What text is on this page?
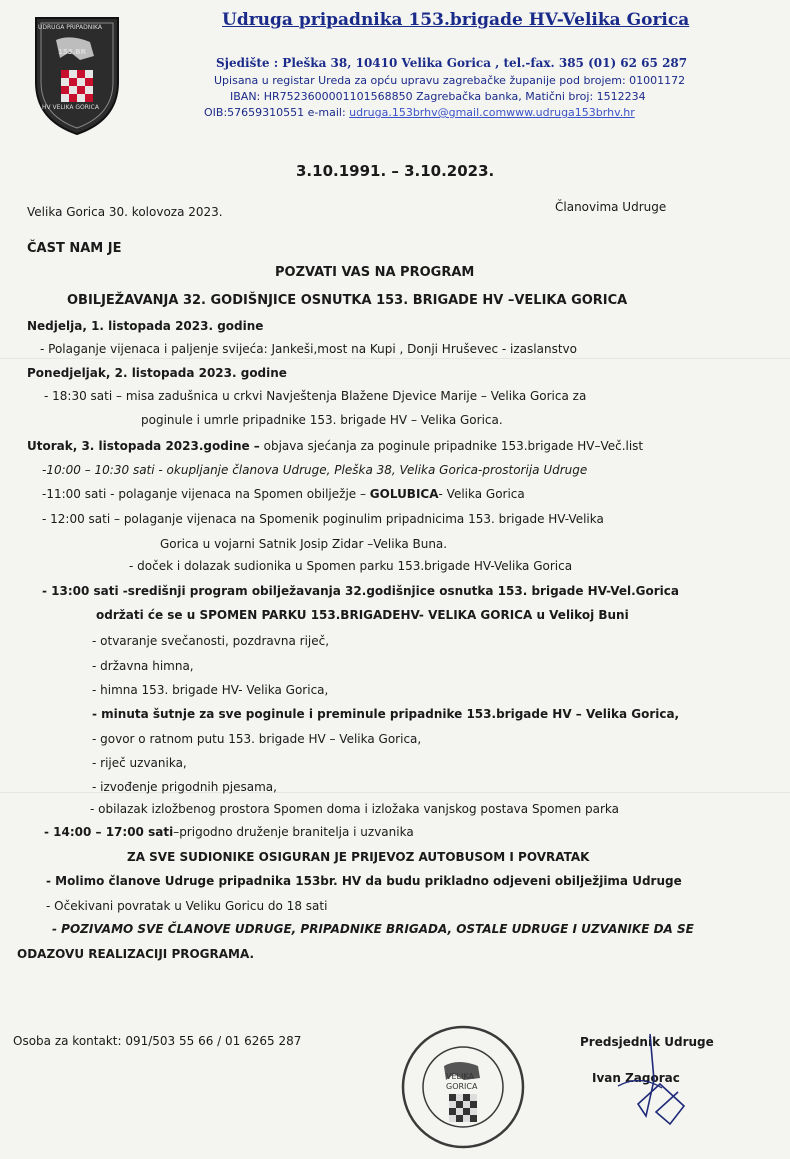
UDRUGA PRIPADNIKA
153.BR
HV VELIKA GORICA
Udruga pripadnika 153.brigade HV-Velika Gorica
Sjedište : Pleška 38, 10410 Velika Gorica , tel.-fax. 385 (01) 62 65 287
Upisana u registar Ureda za opću upravu zagrebačke županije pod brojem: 01001172
IBAN: HR7523600001101568850 Zagrebačka banka, Matični broj: 1512234
OIB:57659310551 e-mail: udruga.153brhv@gmail.comwww.udruga153brhv.hr
3.10.1991. – 3.10.2023.
Velika Gorica 30. kolovoza 2023.	Članovima Udruge
ČAST NAM JE
POZVATI VAS NA PROGRAM
OBILJEŽAVANJA 32. GODIŠNJICE OSNUTKA 153. BRIGADE HV –VELIKA GORICA
Nedjelja, 1. listopada 2023. godine
- Polaganje vijenaca i paljenje svijeća: Jankeši,most na Kupi , Donji Hruševec - izaslanstvo
Ponedjeljak, 2. listopada 2023. godine
- 18:30 sati – misa zadušnica u crkvi Navještenja Blažene Djevice Marije – Velika Gorica za
poginule i umrle pripadnike 153. brigade HV – Velika Gorica.
Utorak, 3. listopada 2023.godine – objava sjećanja za poginule pripadnike 153.brigade HV–Več.list
-10:00 – 10:30 sati - okupljanje članova Udruge, Pleška 38, Velika Gorica-prostorija Udruge
-11:00 sati - polaganje vijenaca na Spomen obilježje – GOLUBICA- Velika Gorica
- 12:00 sati – polaganje vijenaca na Spomenik poginulim pripadnicima 153. brigade HV-Velika
Gorica u vojarni Satnik Josip Zidar –Velika Buna.
- doček i dolazak sudionika u Spomen parku 153.brigade HV-Velika Gorica
- 13:00 sati -središnji program obilježavanja 32.godišnjice osnutka 153. brigade HV-Vel.Gorica
održati će se u SPOMEN PARKU 153.BRIGADEHV- VELIKA GORICA u Velikoj Buni
- otvaranje svečanosti, pozdravna riječ,
- državna himna,
- himna 153. brigade HV- Velika Gorica,
- minuta šutnje za sve poginule i preminule pripadnike 153.brigade HV – Velika Gorica,
- govor o ratnom putu 153. brigade HV – Velika Gorica,
- riječ uzvanika,
- izvođenje prigodnih pjesama,
- obilazak izložbenog prostora Spomen doma i izložaka vanjskog postava Spomen parka
- 14:00 – 17:00 sati–prigodno druženje branitelja i uzvanika
ZA SVE SUDIONIKE OSIGURAN JE PRIJEVOZ AUTOBUSOM I POVRATAK
- Molimo članove Udruge pripadnika 153br. HV da budu prikladno odjeveni obilježjima Udruge
- Očekivani povratak u Veliku Goricu do 18 sati
- POZIVAMO SVE ČLANOVE UDRUGE, PRIPADNIKE BRIGADA, OSTALE UDRUGE I UZVANIKE DA SE
ODAZOVU REALIZACIJI PROGRAMA.
Osoba za kontakt: 091/503 55 66 / 01 6265 287	Predsjednik Udruge
Ivan Zagorac
VELIKA
GORICA
